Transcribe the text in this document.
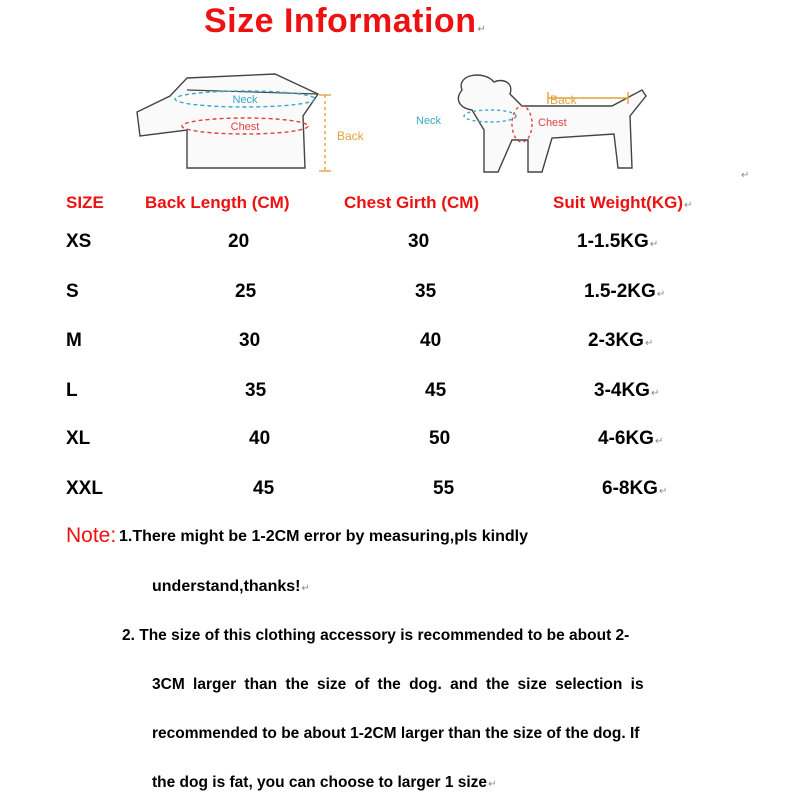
Size Information↵
Neck
Chest
Back
Back
Neck	Chest
↵
SIZE Back Length (CM)	Chest Girth (CM)	Suit Weight(KG)↵
XS	20	30	1-1.5KG↵
S	25	35	1.5-2KG↵
M	30	40	2-3KG↵
L	35	45	3-4KG↵
XL	40	50	4-6KG↵
XXL	45	55	6-8KG↵
Note: 1.There might be 1-2CM error by measuring,pls kindly
understand,thanks!↵
2. The size of this clothing accessory is recommended to be about 2-
3CM larger than the size of the dog. and the size selection is
recommended to be about 1-2CM larger than the size of the dog. If
the dog is fat, you can choose to larger 1 size↵
